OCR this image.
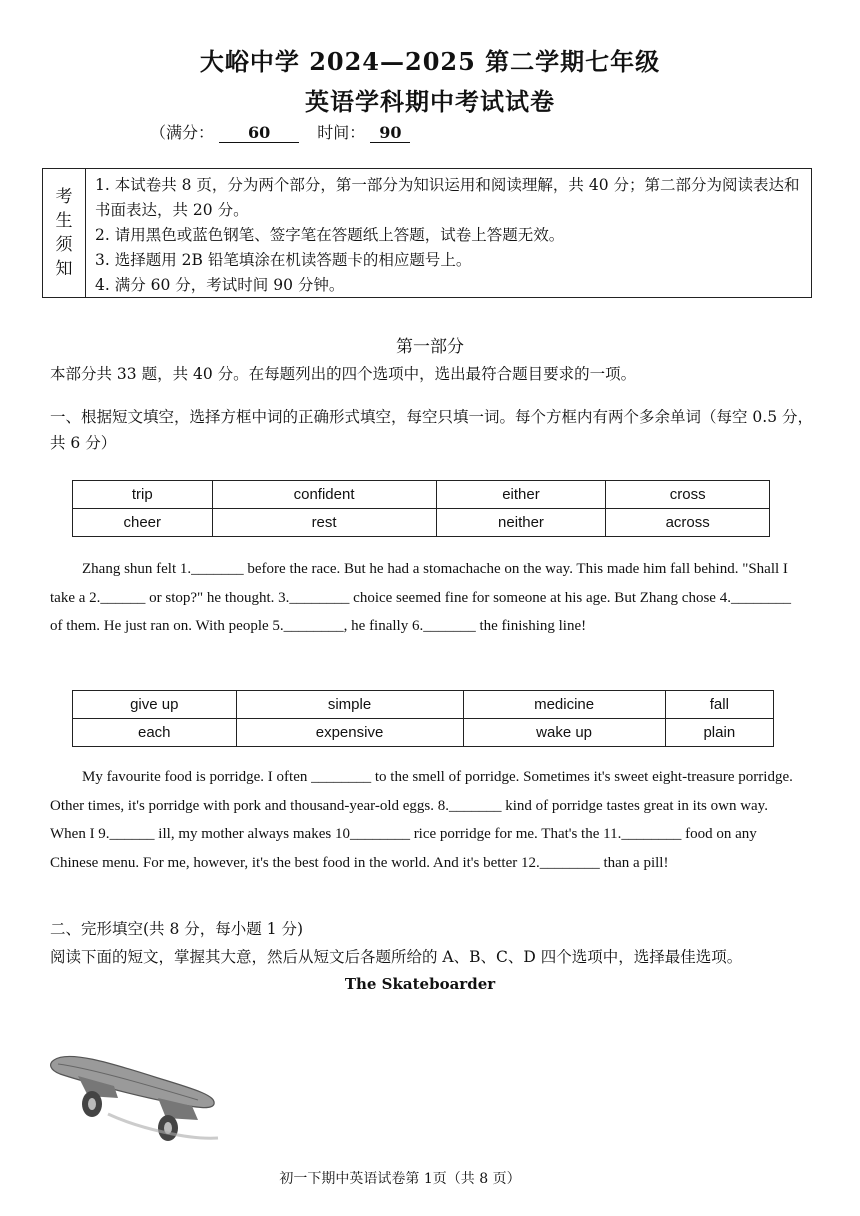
大峪中学 2024—2025 第二学期七年级
英语学科期中考试试卷
（满分： 60	时间： 90
考
生
须
知
1. 本试卷共 8 页，分为两个部分，第一部分为知识运用和阅读理解，共 40 分；第二部分为阅读表达和书面表达，共 20 分。
2. 请用黑色或蓝色钢笔、签字笔在答题纸上答题，试卷上答题无效。
3. 选择题用 2B 铅笔填涂在机读答题卡的相应题号上。
4. 满分 60 分，考试时间 90 分钟。
第一部分
本部分共 33 题，共 40 分。在每题列出的四个选项中，选出最符合题目要求的一项。
一、根据短文填空，选择方框中词的正确形式填空，每空只填一词。每个方框内有两个多余单词（每空 0.5 分，共 6 分）
trip	confident	either	cross
cheer	rest	neither	across
Zhang shun felt 1._______ before the race. But he had a stomachache on the way. This made him fall behind. "Shall I take a 2.______ or stop?" he thought. 3.________ choice seemed fine for someone at his age. But Zhang chose 4.________ of them. He just ran on. With people 5.________, he finally 6._______ the finishing line!
give up	simple	medicine	fall
each	expensive	wake up	plain
My favourite food is porridge. I often ________ to the smell of porridge. Sometimes it's sweet eight-treasure porridge. Other times, it's porridge with pork and thousand-year-old eggs. 8._______ kind of porridge tastes great in its own way. When I 9.______ ill, my mother always makes 10________ rice porridge for me. That's the 11.________ food on any Chinese menu. For me, however, it's the best food in the world. And it's better 12.________ than a pill!
二、完形填空(共 8 分，每小题 1 分)
阅读下面的短文，掌握其大意，然后从短文后各题所给的 A、B、C、D 四个选项中，选择最佳选项。
The Skateboarder
初一下期中英语试卷第 1页（共 8 页）
